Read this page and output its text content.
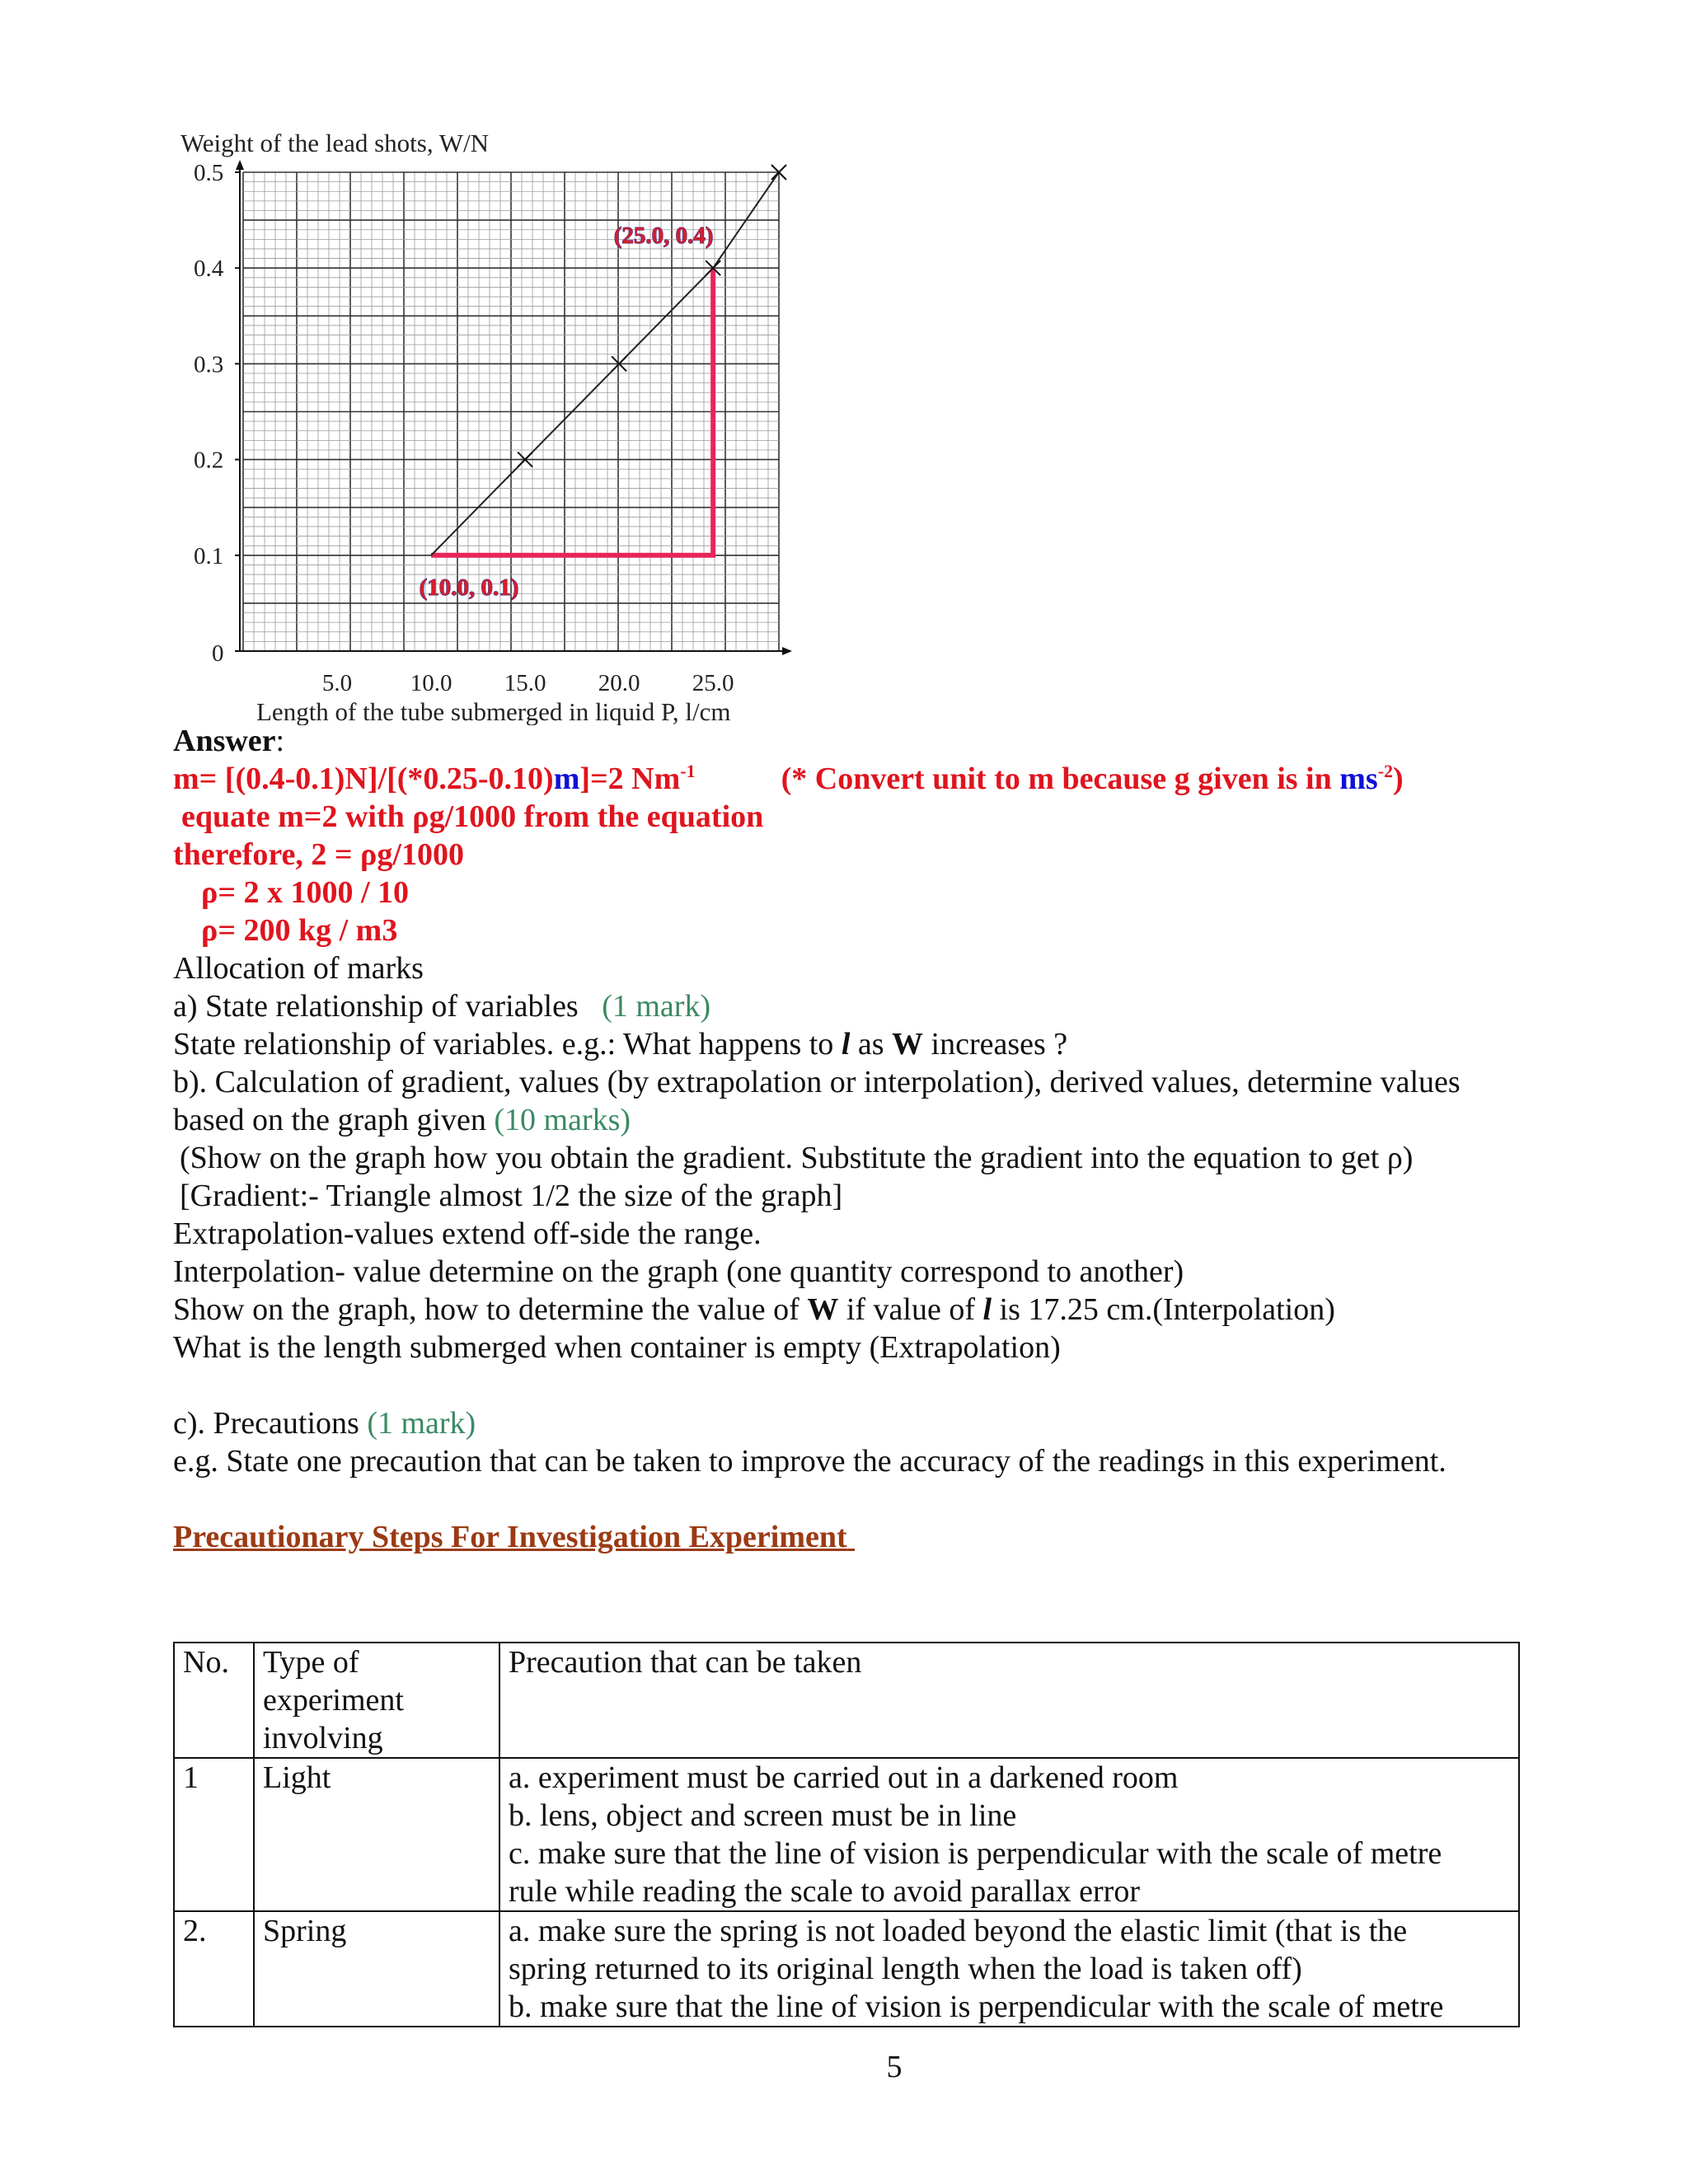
0
0.1
0.2
0.3
0.4
0.5
5.0 10.0 15.0 20.0 25.0
(25.0, 0.4)
(10.0, 0.1)
Weight of the lead shots, W/N
Length of the tube submerged in liquid P, l/cm
Answer:
m= [(0.4-0.1)N]/[(*0.25-0.10)m]=2 $Nm^{-1}$	(* Convert unit to m because g given is in $ms^{-2}$)
equate m=2 with ρg/1000 from the equation
therefore, 2 = ρg/1000
ρ= 2 x 1000 / 10
ρ= 200 kg / m3
Allocation of marks
a) State relationship of variables (1 mark)
State relationship of variables. e.g.: What happens to l as W increases ?
b). Calculation of gradient, values (by extrapolation or interpolation), derived values, determine values
based on the graph given (10 marks)
(Show on the graph how you obtain the gradient. Substitute the gradient into the equation to get ρ)
[Gradient:- Triangle almost 1/2 the size of the graph]
Extrapolation-values extend off-side the range.
Interpolation- value determine on the graph (one quantity correspond to another)
Show on the graph, how to determine the value of W if value of l is 17.25 cm.(Interpolation)
What is the length submerged when container is empty (Extrapolation)
c). Precautions (1 mark)
e.g. State one precaution that can be taken to improve the accuracy of the readings in this experiment.
Precautionary Steps For Investigation Experiment
No.	Type of
experiment
involving	Precaution that can be taken
1	Light	a. experiment must be carried out in a darkened room
b. lens, object and screen must be in line
c. make sure that the line of vision is perpendicular with the scale of metre
rule while reading the scale to avoid parallax error

2.	Spring	a. make sure the spring is not loaded beyond the elastic limit (that is the
spring returned to its original length when the load is taken off)
b. make sure that the line of vision is perpendicular with the scale of metre
5
